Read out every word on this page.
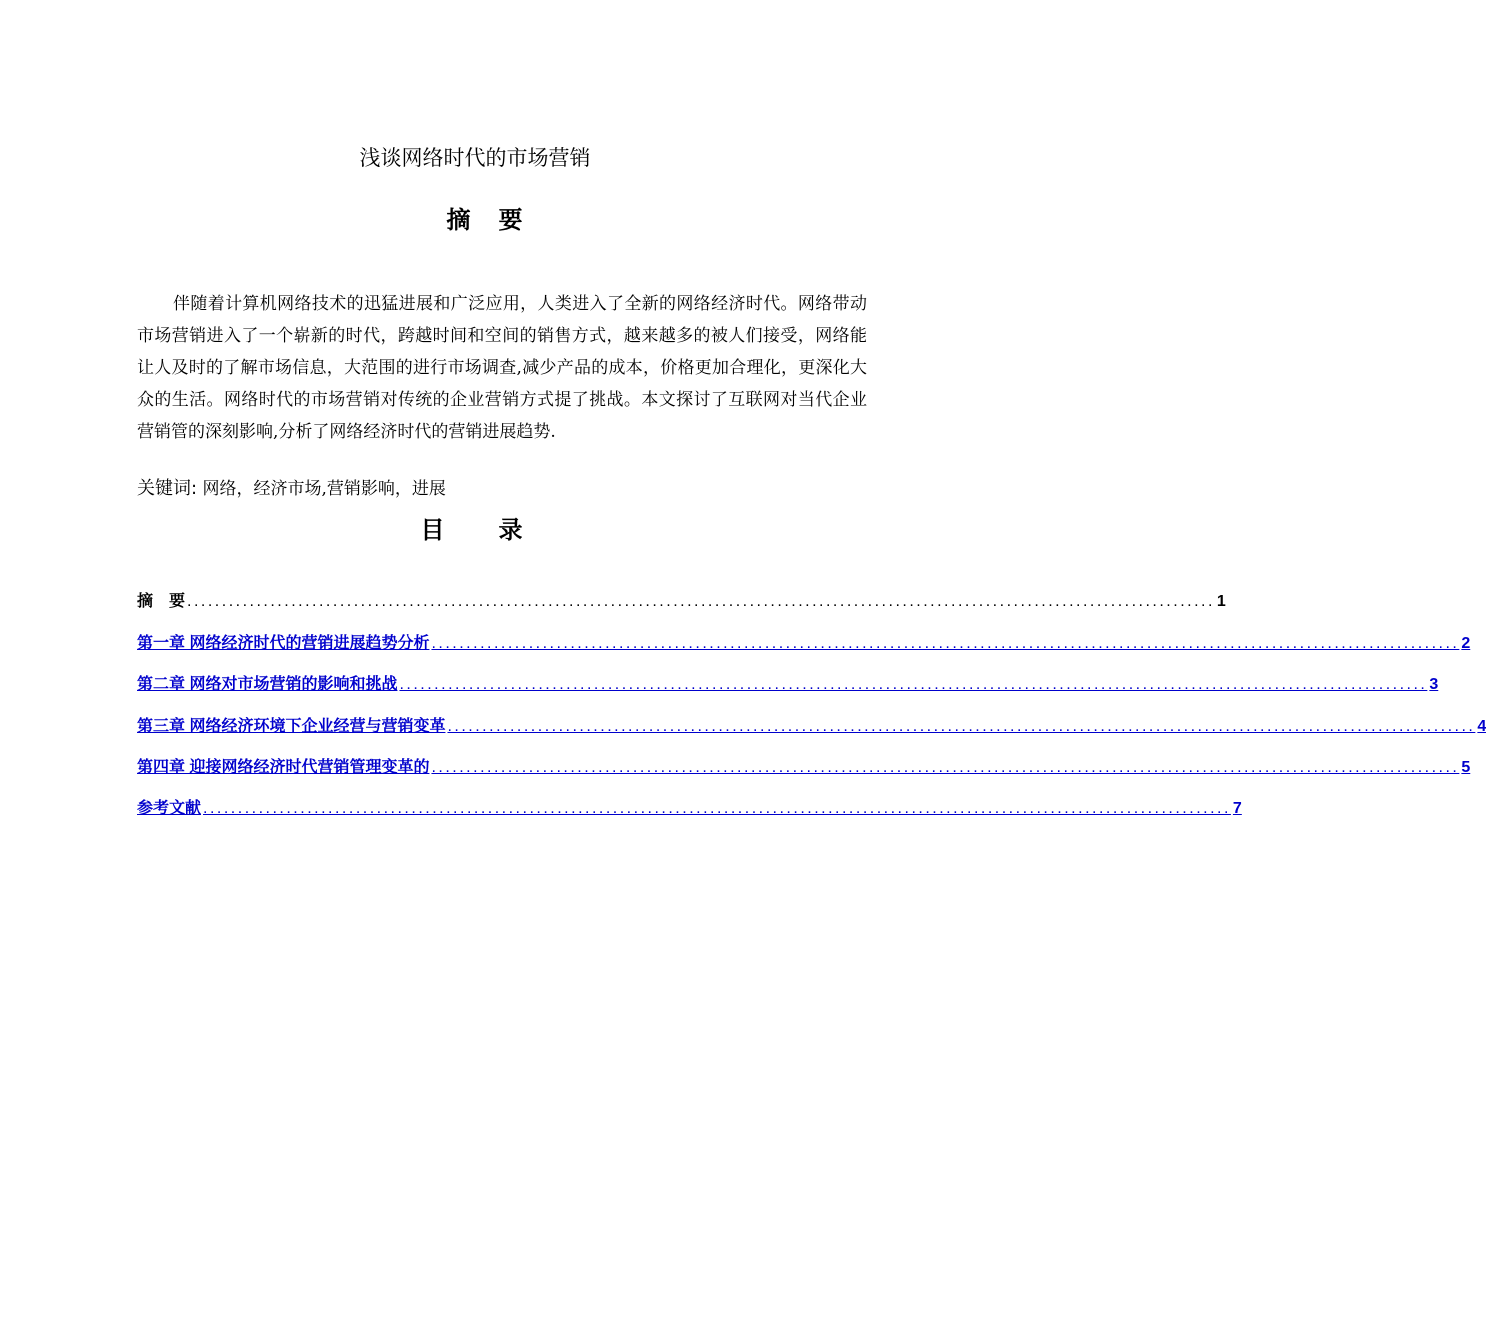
浅谈网络时代的市场营销
摘要

伴随着计算机网络技术的迅猛进展和广泛应用，人类进入了全新的网络经济时代。网络带动市场营销进入了一个崭新的时代，跨越时间和空间的销售方式，越来越多的被人们接受，网络能让人及时的了解市场信息，大范围的进行市场调查,减少产品的成本，价格更加合理化，更深化大众的生活。网络时代的市场营销对传统的企业营销方式提了挑战。本文探讨了互联网对当代企业营销管的深刻影响,分析了网络经济时代的营销进展趋势.

关键词: 网络，经济市场,营销影响，进展
目录
摘　要 .................................................................................................................................................... 1
第一章 网络经济时代的营销进展趋势分析 .................................................................................................................................................... 2
第二章 网络对市场营销的影响和挑战 .................................................................................................................................................... 3
第三章 网络经济环境下企业经营与营销变革 .................................................................................................................................................... 4
第四章 迎接网络经济时代营销管理变革的 .................................................................................................................................................... 5
参考文献 .................................................................................................................................................... 7
